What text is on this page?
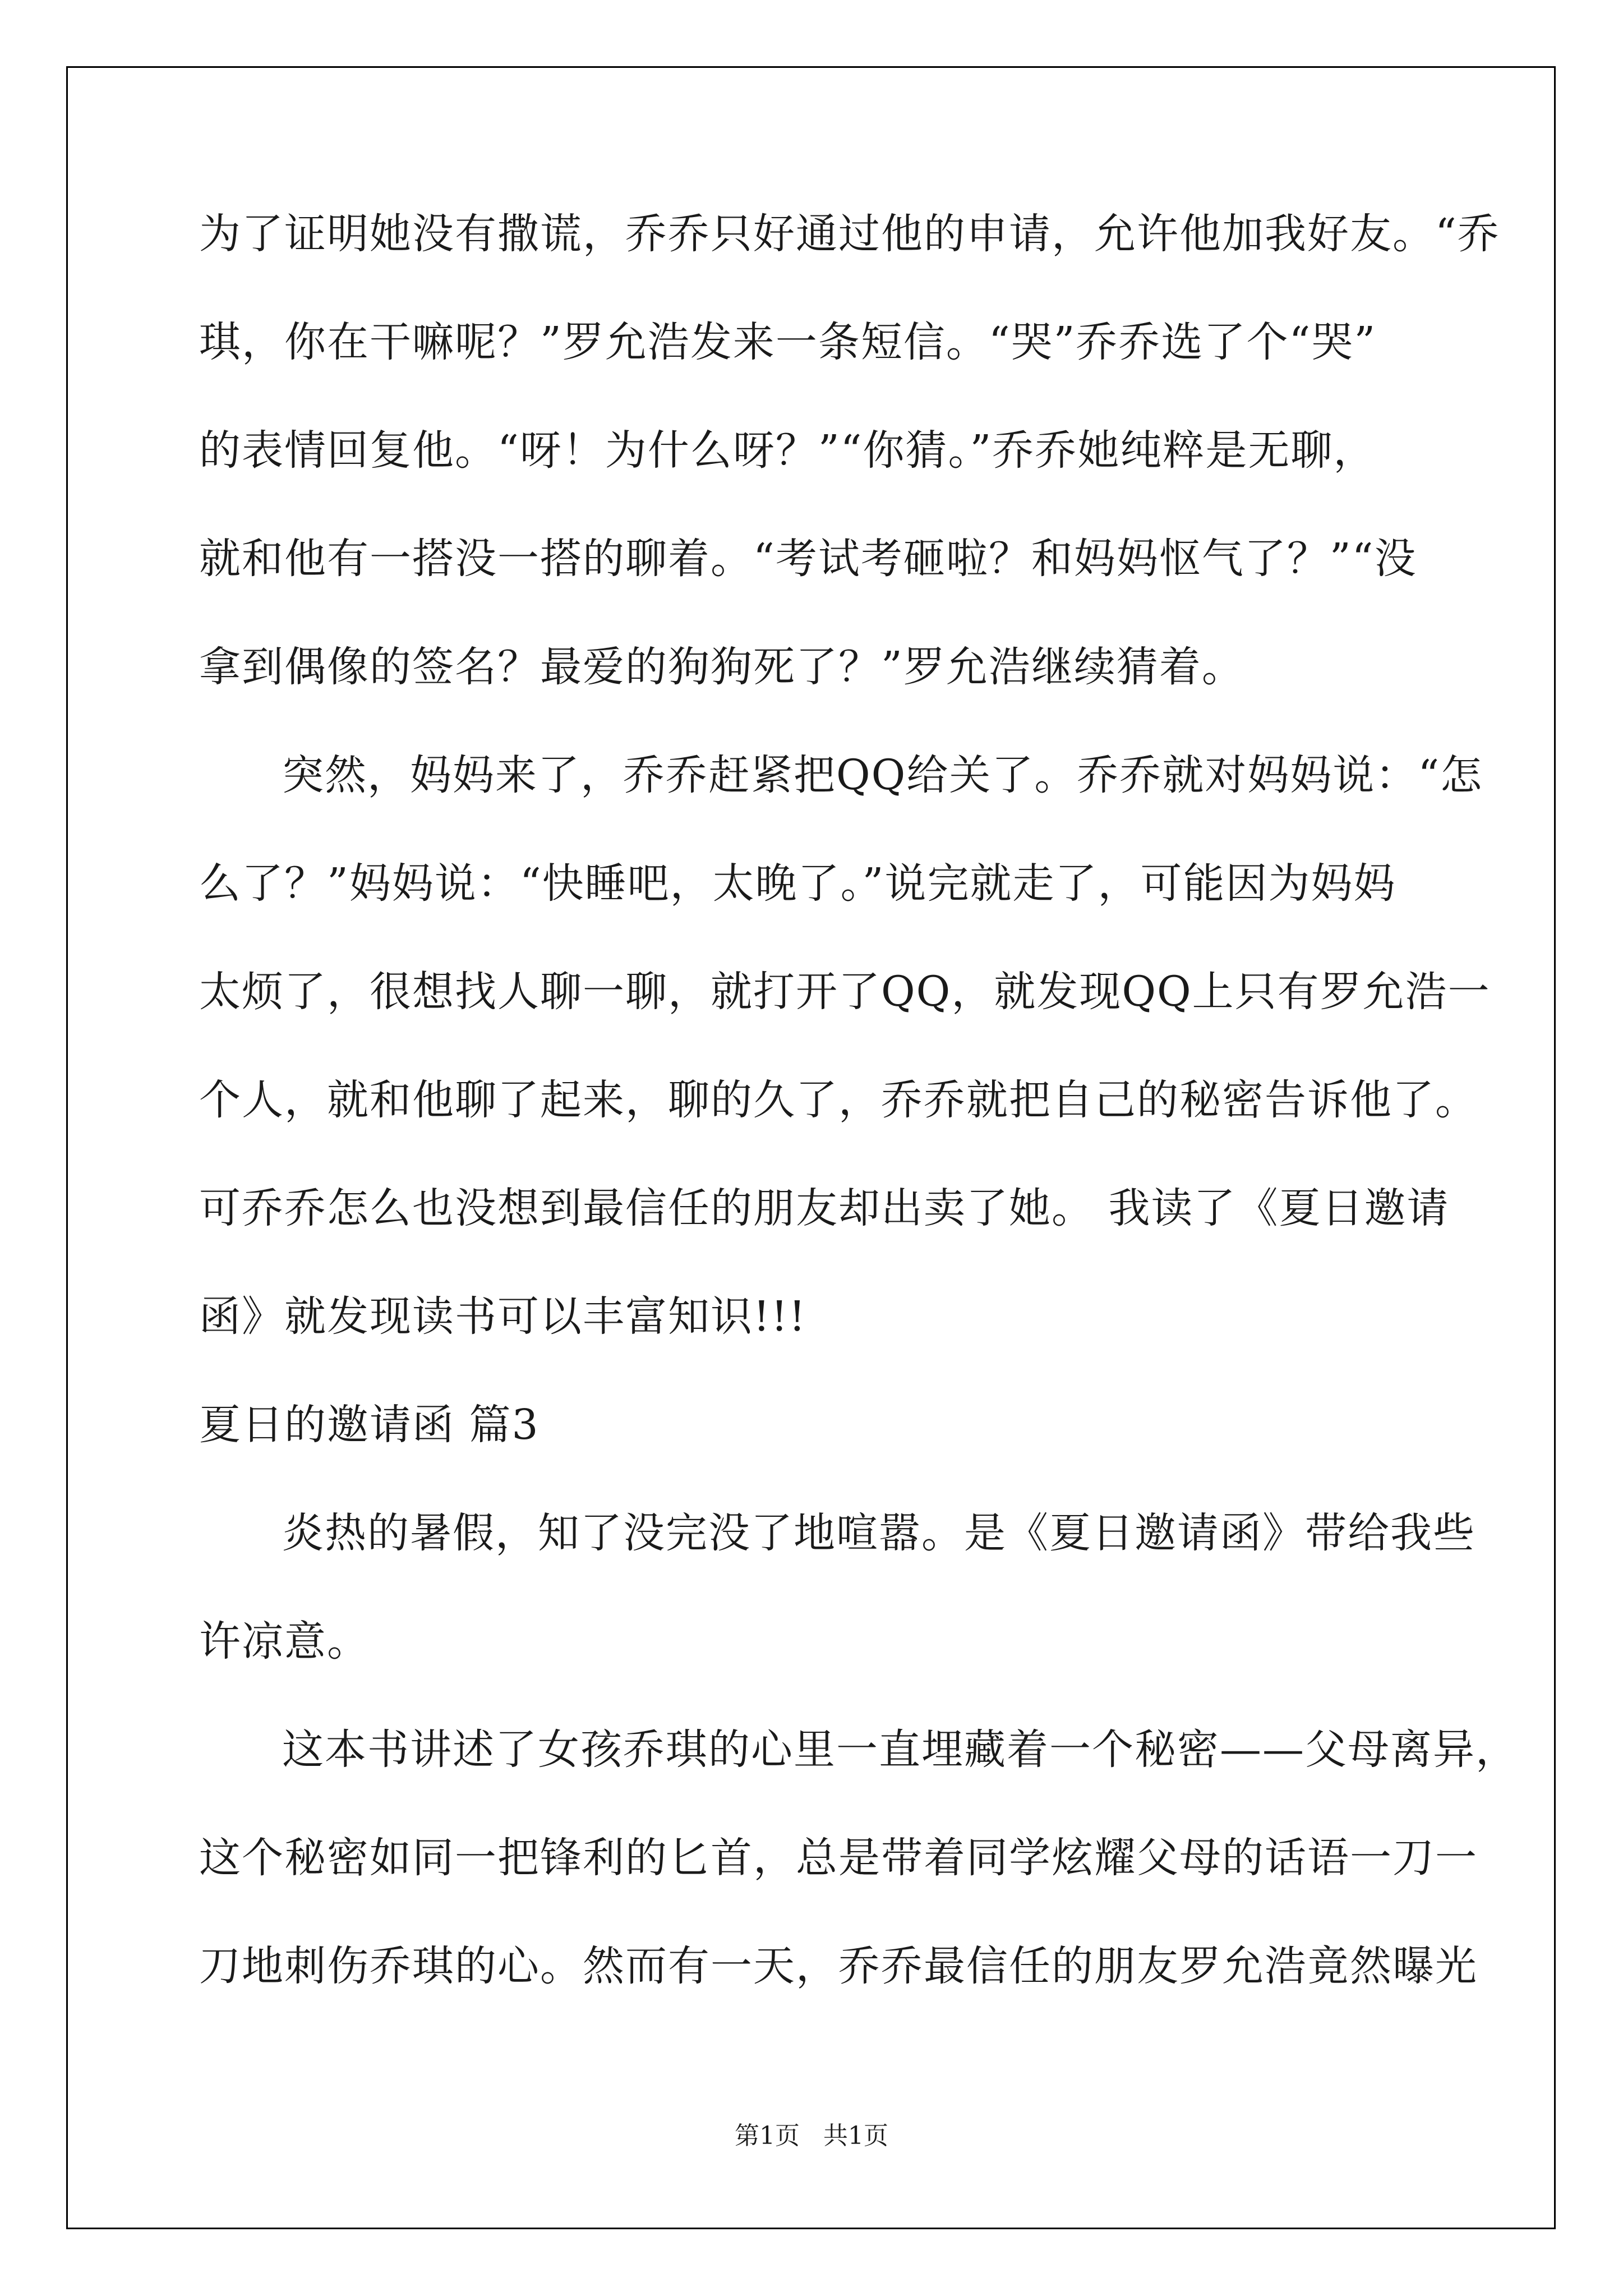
为了证明她没有撒谎，乔乔只好通过他的申请，允许他加我好友。“乔
琪，你在干嘛呢？”罗允浩发来一条短信。“哭”乔乔选了个“哭”
的表情回复他。“呀！为什么呀？”“你猜。”乔乔她纯粹是无聊，
就和他有一搭没一搭的聊着。“考试考砸啦？和妈妈怄气了？”“没
拿到偶像的签名？最爱的狗狗死了？”罗允浩继续猜着。
突然，妈妈来了，乔乔赶紧把QQ给关了。乔乔就对妈妈说：“怎
么了？”妈妈说：“快睡吧，太晚了。”说完就走了，可能因为妈妈
太烦了，很想找人聊一聊，就打开了QQ，就发现QQ上只有罗允浩一
个人，就和他聊了起来，聊的久了，乔乔就把自己的秘密告诉他了。
可乔乔怎么也没想到最信任的朋友却出卖了她。 我读了《夏日邀请
函》就发现读书可以丰富知识!!!
夏日的邀请函 篇3
炎热的暑假，知了没完没了地喧嚣。是《夏日邀请函》带给我些
许凉意。
这本书讲述了女孩乔琪的心里一直埋藏着一个秘密——父母离异，
这个秘密如同一把锋利的匕首，总是带着同学炫耀父母的话语一刀一
刀地刺伤乔琪的心。然而有一天，乔乔最信任的朋友罗允浩竟然曝光
第1页   共1页
